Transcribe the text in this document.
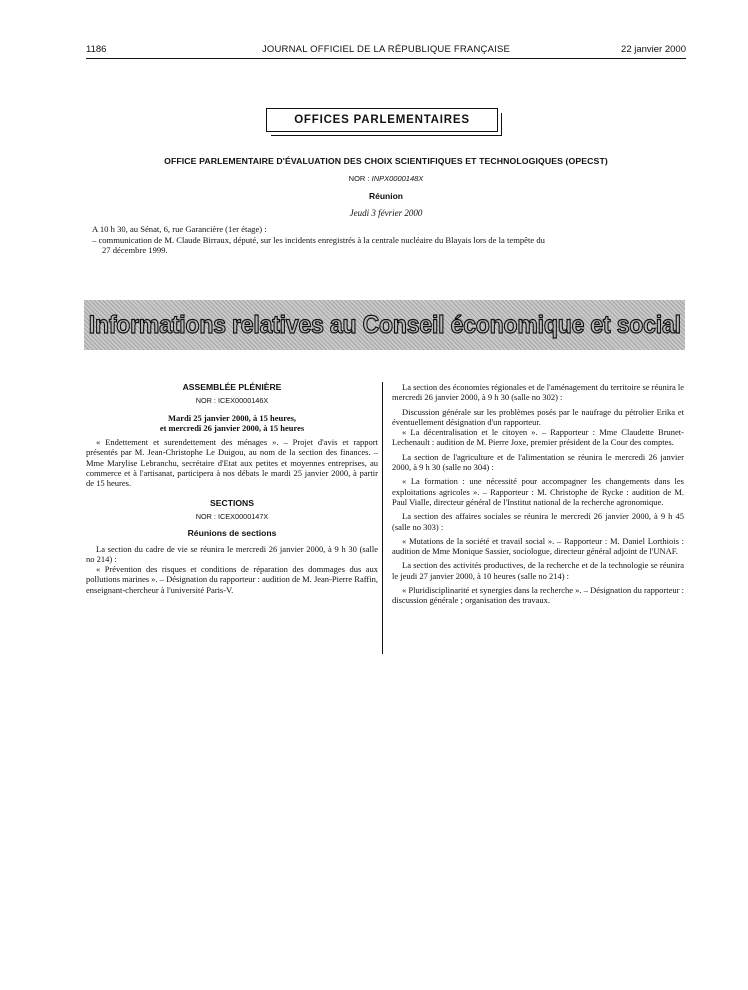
1186	JOURNAL OFFICIEL DE LA RÉPUBLIQUE FRANÇAISE	22 janvier 2000
OFFICES PARLEMENTAIRES
OFFICE PARLEMENTAIRE D'ÉVALUATION DES CHOIX SCIENTIFIQUES ET TECHNOLOGIQUES (OPECST)
NOR : INPX0000148X
Réunion
Jeudi 3 février 2000
A 10 h 30, au Sénat, 6, rue Garancière (1er étage) :
– communication de M. Claude Birraux, député, sur les incidents enregistrés à la centrale nucléaire du Blayais lors de la tempête du
27 décembre 1999.
Informations relatives au Conseil économique et social

ASSEMBLÉE PLÉNIÈRE

NOR : ICEX0000146X

Mardi 25 janvier 2000, à 15 heures,
et mercredi 26 janvier 2000, à 15 heures

« Endettement et surendettement des ménages ». – Projet d'avis et rapport présentés par M. Jean-Christophe Le Duigou, au nom de la section des finances. – Mme Marylise Lebranchu, secrétaire d'Etat aux petites et moyennes entreprises, au commerce et à l'artisanat, participera à nos débats le mardi 25 janvier 2000, à partir de 15 heures.

SECTIONS

NOR : ICEX0000147X

Réunions de sections

La section du cadre de vie se réunira le mercredi 26 janvier 2000, à 9 h 30 (salle no 214) :

« Prévention des risques et conditions de réparation des dommages dus aux pollutions marines ». – Désignation du rapporteur : audition de M. Jean-Pierre Raffin, enseignant-chercheur à l'université Paris-V.

La section des économies régionales et de l'aménagement du territoire se réunira le mercredi 26 janvier 2000, à 9 h 30 (salle no 302) :

Discussion générale sur les problèmes posés par le naufrage du pétrolier Erika et éventuellement désignation d'un rapporteur.

« La décentralisation et le citoyen ». – Rapporteur : Mme Claudette Brunet-Lechenault : audition de M. Pierre Joxe, premier président de la Cour des comptes.

La section de l'agriculture et de l'alimentation se réunira le mercredi 26 janvier 2000, à 9 h 30 (salle no 304) :

« La formation : une nécessité pour accompagner les changements dans les exploitations agricoles ». – Rapporteur : M. Christophe de Rycke : audition de M. Paul Vialle, directeur général de l'Institut national de la recherche agronomique.

La section des affaires sociales se réunira le mercredi 26 janvier 2000, à 9 h 45 (salle no 303) :

« Mutations de la société et travail social ». – Rapporteur : M. Daniel Lorthiois : audition de Mme Monique Sassier, sociologue, directeur général adjoint de l'UNAF.

La section des activités productives, de la recherche et de la technologie se réunira le jeudi 27 janvier 2000, à 10 heures (salle no 214) :

« Pluridisciplinarité et synergies dans la recherche ». – Désignation du rapporteur : discussion générale ; organisation des travaux.
